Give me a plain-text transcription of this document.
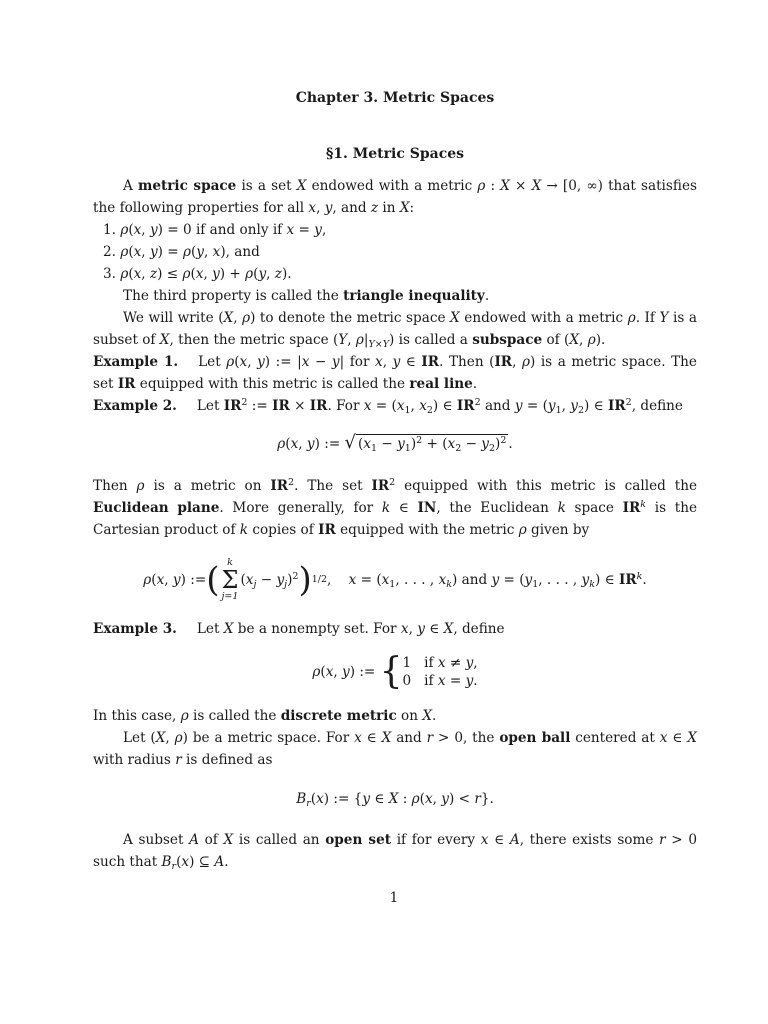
Chapter 3. Metric Spaces
§1. Metric Spaces

A metric space is a set X endowed with a metric ρ : X × X → [0, ∞) that satisfies the following properties for all x, y, and z in X:

1. ρ(x, y) = 0 if and only if x = y,
2. ρ(x, y) = ρ(y, x), and
3. ρ(x, z) ≤ ρ(x, y) + ρ(y, z).

The third property is called the triangle inequality.

We will write (X, ρ) to denote the metric space X endowed with a metric ρ. If Y is a subset of X, then the metric space (Y, $\rho|_{Y\times Y}$) is called a subspace of (X, ρ).

Example 1. Let ρ(x, y) := |x − y| for x, y ∈ IR. Then (IR, ρ) is a metric space. The set IR equipped with this metric is called the real line.

Example 2. Let $IR^2$ := IR × IR. For $x = (x_1$, $x_2$) ∈ $IR^2$ and $y = (y_1$, $y_2$) ∈ $IR^2$, define

ρ(x, y) := √ $(x_1 - y_1)^2 + (x_2 - y_2)^2$ .

Then ρ is a metric on $IR^2$. The set $IR^2$ equipped with this metric is called the Euclidean plane. More generally, for k ∈ IN, the Euclidean k space $IR^k$ is the Cartesian product of k copies of IR equipped with the metric ρ given by

ρ(x, y) := ( k
Σ
j=1
$(x_j - y_j)^2$ ) 1/2 ,    $x = (x_1$, . . . , $x_k$) and $y = (y_1$, . . . , $y_k$) ∈ $IR^k$.

Example 3. Let X be a nonempty set. For x, y ∈ X, define

ρ(x, y) := { 1   if x ≠ y,
0   if x = y.

In this case, ρ is called the discrete metric on X.

Let (X, ρ) be a metric space. For x ∈ X and r > 0, the open ball centered at x ∈ X with radius r is defined as

$B_r(x)$ := {y ∈ X : ρ(x, y) < r}.

A subset A of X is called an open set if for every x ∈ A, there exists some r > 0 such that $B_r(x)$ ⊆ A.

1
